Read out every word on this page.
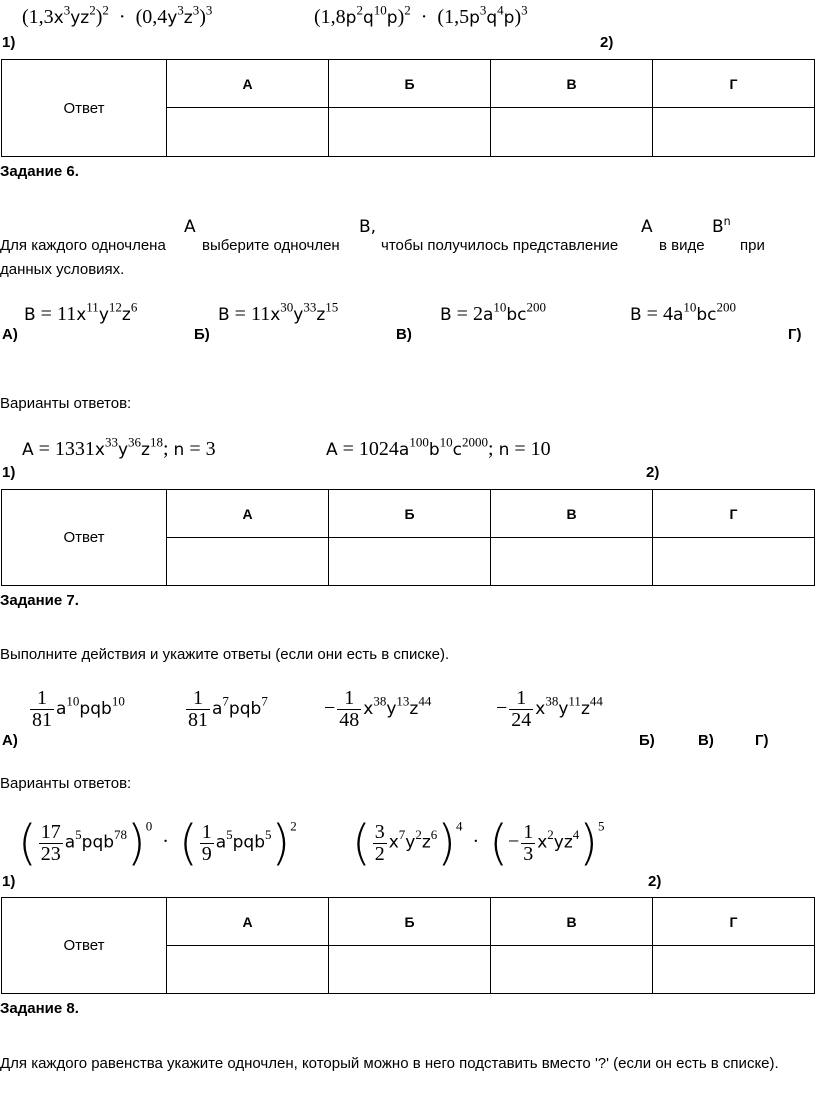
1)
$(1,3x^3yz^2)^2 \cdot (0,4y^3z^3)^3$	$(1,8p^2q^{10}p)^2 \cdot (1,5p^3q^4p)^3$
2)
Ответ	А	Б	В	Г

Задание 6.
Для каждого одночлена
A
выберите одночлен
B,
чтобы получилось представление
A
в виде
$B^n$
при
данных условиях.
А)
$B = 11x^{11}y^{12}z^6$
Б)
$B = 11x^{30}y^{33}z^{15}$
В)
$B = 2a^{10}bc^{200}$	$B = 4a^{10}bc^{200}$
Г)
Варианты ответов:
1)
$A = 1331x^{33}y^{36}z^{18}$; n = 3	$A = 1024a^{100}b^{10}c^{2000}$; n = 10
2)
Ответ	А	Б	В	Г

Задание 7.
Выполните действия и укажите ответы (если они есть в списке).
А)
$\frac{1}{81} a^{10}pqb^{10}$	$\frac{1}{81} a^7pqb^7$	− $\frac{1}{48} x^{38}y^{13}z^{44}$	− $\frac{1}{24} x^{38}y^{11}z^{44}$
Б)	В)	Г)
Варианты ответов:
1)
( $\frac{17}{23} a^5pqb^{78})^0$  · ( $\frac{1}{9} a^5pqb^5)^2$ ( $\frac{3}{2} x^7y^2z^6)^4$  · (− $\frac{1}{3} x^2yz^4)^5$
2)
Ответ	А	Б	В	Г

Задание 8.
Для каждого равенства укажите одночлен, который можно в него подставить вместо '?' (если он есть в списке).
